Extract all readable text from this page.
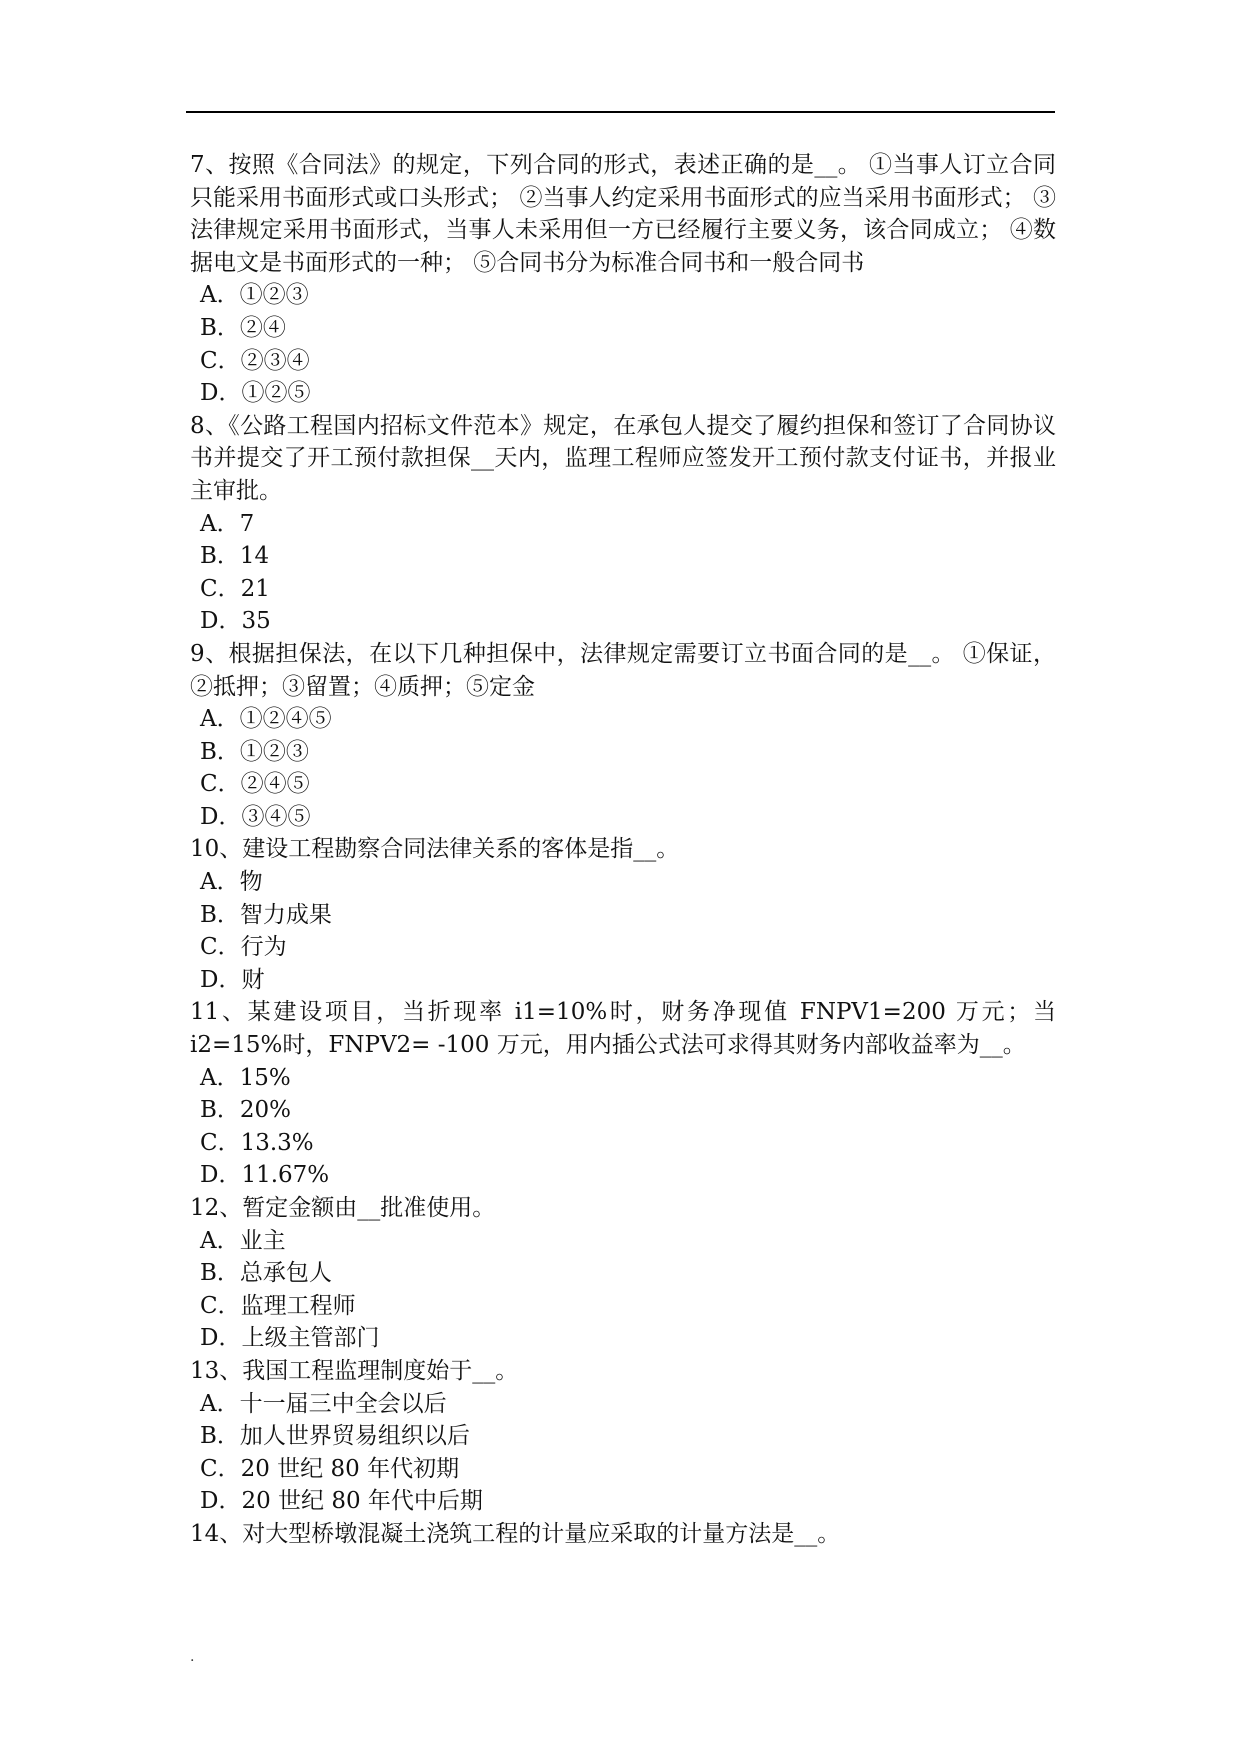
7、按照《合同法》的规定，下列合同的形式，表述正确的是__。 ①当事人订立合同只能采用书面形式或口头形式； ②当事人约定采用书面形式的应当采用书面形式； ③法律规定采用书面形式，当事人未采用但一方已经履行主要义务，该合同成立； ④数据电文是书面形式的一种； ⑤合同书分为标准合同书和一般合同书

A．①②③
B．②④
C．②③④
D．①②⑤

8、《公路工程国内招标文件范本》规定，在承包人提交了履约担保和签订了合同协议书并提交了开工预付款担保__天内，监理工程师应签发开工预付款支付证书，并报业主审批。

A．7
B．14
C．21
D．35

9、根据担保法，在以下几种担保中，法律规定需要订立书面合同的是__。 ①保证，②抵押；③留置；④质押；⑤定金

A．①②④⑤
B．①②③
C．②④⑤
D．③④⑤

10、建设工程勘察合同法律关系的客体是指__。

A．物
B．智力成果
C．行为
D．财

11、某建设项目，当折现率 i1=10%时，财务净现值 FNPV1=200 万元；当 i2=15%时，FNPV2= -100 万元，用内插公式法可求得其财务内部收益率为__。

A．15%
B．20%
C．13.3%
D．11.67%

12、暂定金额由__批准使用。

A．业主
B．总承包人
C．监理工程师
D．上级主管部门

13、我国工程监理制度始于__。

A．十一届三中全会以后
B．加人世界贸易组织以后
C．20 世纪 80 年代初期
D．20 世纪 80 年代中后期

14、对大型桥墩混凝土浇筑工程的计量应采取的计量方法是__。

.
